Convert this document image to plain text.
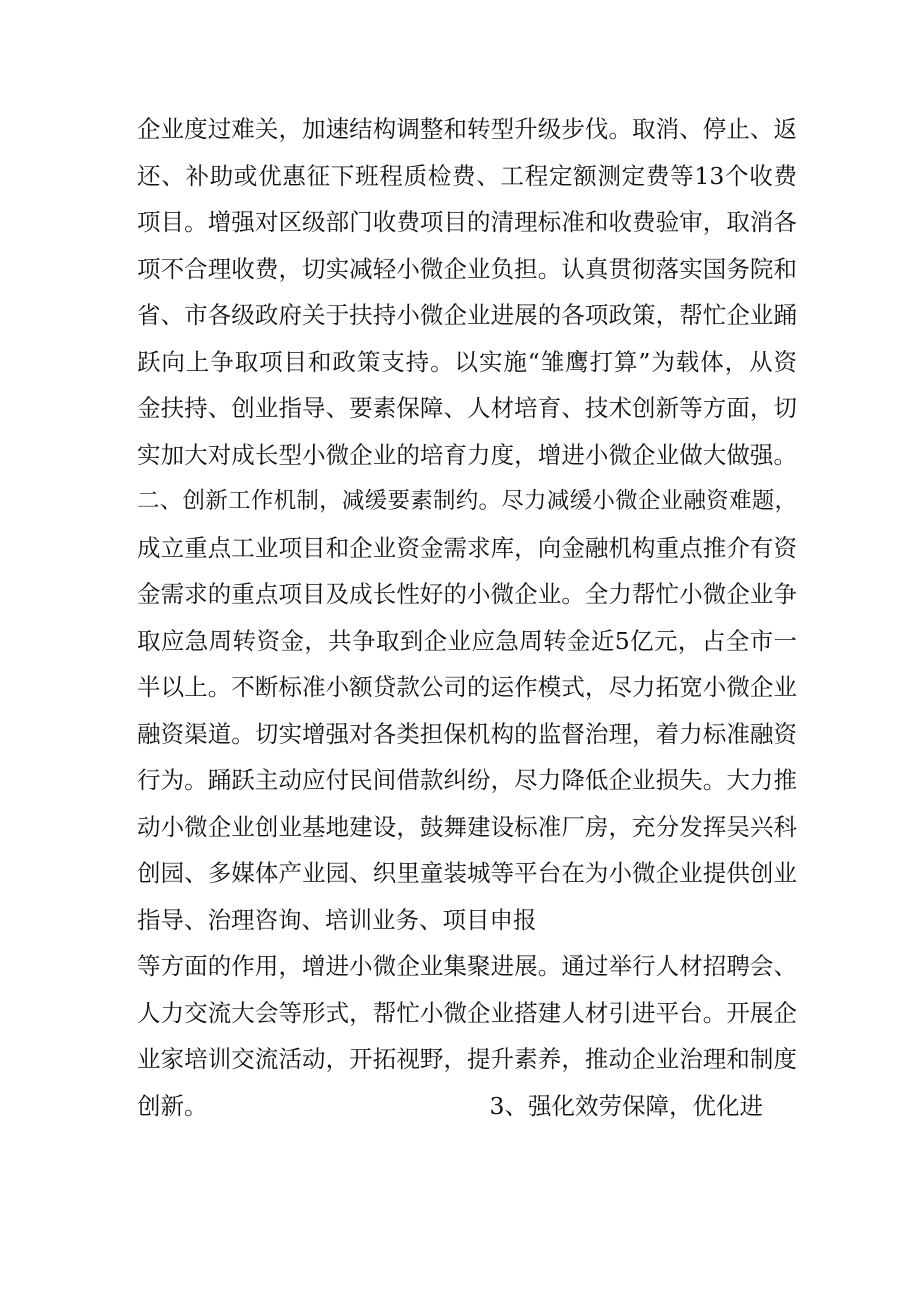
企业度过难关，加速结构调整和转型升级步伐。取消、停止、返
还、补助或优惠征下班程质检费、工程定额测定费等13个收费
项目。增强对区级部门收费项目的清理标准和收费验审，取消各
项不合理收费，切实减轻小微企业负担。认真贯彻落实国务院和
省、市各级政府关于扶持小微企业进展的各项政策，帮忙企业踊
跃向上争取项目和政策支持。以实施“雏鹰打算”为载体，从资
金扶持、创业指导、要素保障、人材培育、技术创新等方面，切
实加大对成长型小微企业的培育力度，增进小微企业做大做强。
二、创新工作机制，减缓要素制约。尽力减缓小微企业融资难题，
成立重点工业项目和企业资金需求库，向金融机构重点推介有资
金需求的重点项目及成长性好的小微企业。全力帮忙小微企业争
取应急周转资金，共争取到企业应急周转金近5亿元，占全市一
半以上。不断标准小额贷款公司的运作模式，尽力拓宽小微企业
融资渠道。切实增强对各类担保机构的监督治理，着力标准融资
行为。踊跃主动应付民间借款纠纷，尽力降低企业损失。大力推
动小微企业创业基地建设，鼓舞建设标准厂房，充分发挥吴兴科
创园、多媒体产业园、织里童装城等平台在为小微企业提供创业
指导、治理咨询、培训业务、项目申报
等方面的作用，增进小微企业集聚进展。通过举行人材招聘会、
人力交流大会等形式，帮忙小微企业搭建人材引进平台。开展企
业家培训交流活动，开拓视野，提升素养，推动企业治理和制度
创新。	3、强化效劳保障，优化进
